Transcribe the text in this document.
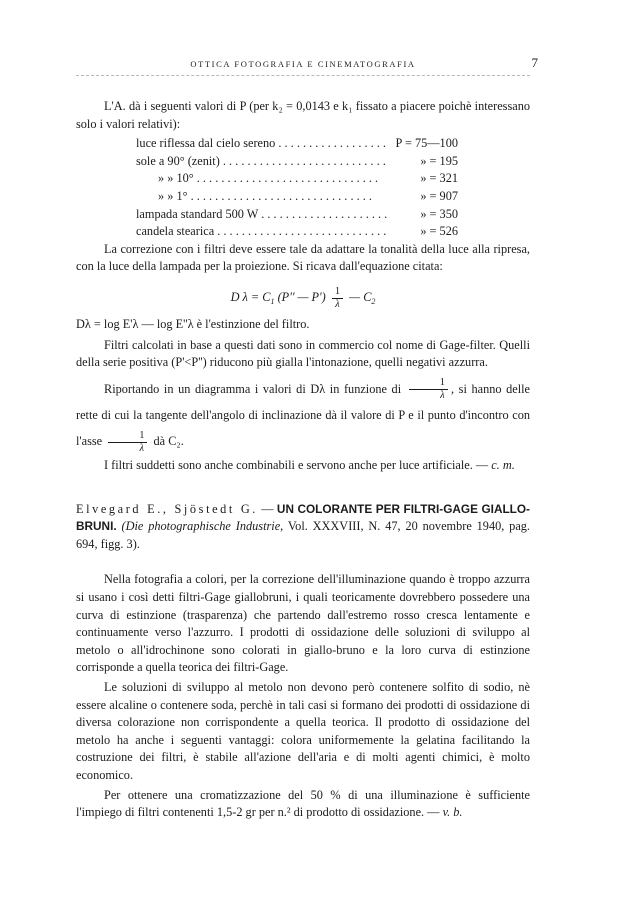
OTTICA FOTOGRAFIA E CINEMATOGRAFIA	7

L'A. dà i seguenti valori di P (per k₂ = 0,0143 e k₁ fissato a piacere poichè interessano solo i valori relativi):

luce riflessa dal cielo sereno . . .	P = 75—100
sole a 90° (zenit) . . .	» = 195
» » 10° . . .	» = 321
» » 1° . . .	» = 907
lampada standard 500 W . . .	» = 350
candela stearica . . .	» = 526

La correzione con i filtri deve essere tale da adattare la tonalità della luce alla ripresa, con la luce della lampada per la proiezione. Si ricava dall'equazione citata:

D $\lambda = C_1$ (P'' — $P') \frac{1}{\lambda}$ — $C_2$

Dλ = log E'λ — log E''λ è l'estinzione del filtro.

Filtri calcolati in base a questi dati sono in commercio col nome di Gage-filter. Quelli della serie positiva (P'<P'') riducono più gialla l'intonazione, quelli negativi azzurra.

Riportando in un diagramma i valori di Dλ in funzione di $\frac{1}{\lambda}$ , si hanno delle rette di cui la tangente dell'angolo di inclinazione dà il valore di P e il punto d'incontro con l'asse $\frac{1}{\lambda}$ dà C₂.

I filtri suddetti sono anche combinabili e servono anche per luce artificiale. — c. m.

Elvegard E., Sjöstedt G. — UN COLORANTE PER FILTRI-GAGE GIALLO-BRUNI. (Die photographische Industrie, Vol. XXXVIII, N. 47, 20 novembre 1940, pag. 694, figg. 3).

Nella fotografia a colori, per la correzione dell'illuminazione quando è troppo azzurra si usano i così detti filtri-Gage giallobruni, i quali teoricamente dovrebbero possedere una curva di estinzione (trasparenza) che partendo dall'estremo rosso cresca lentamente e continuamente verso l'azzurro. I prodotti di ossidazione delle soluzioni di sviluppo al metolo o all'idrochinone sono colorati in giallo-bruno e la loro curva di estinzione corrisponde a quella teorica dei filtri-Gage.

Le soluzioni di sviluppo al metolo non devono però contenere solfito di sodio, nè essere alcaline o contenere soda, perchè in tali casi si formano dei prodotti di ossidazione di diversa colorazione non corrispondente a quella teorica. Il prodotto di ossidazione del metolo ha anche i seguenti vantaggi: colora uniformemente la gelatina facilitando la costruzione dei filtri, è stabile all'azione dell'aria e di molti agenti chimici, è molto economico.

Per ottenere una cromatizzazione del 50 % di una illuminazione è sufficiente l'impiego di filtri contenenti 1,5-2 gr per n.² di prodotto di ossidazione. — v. b.
